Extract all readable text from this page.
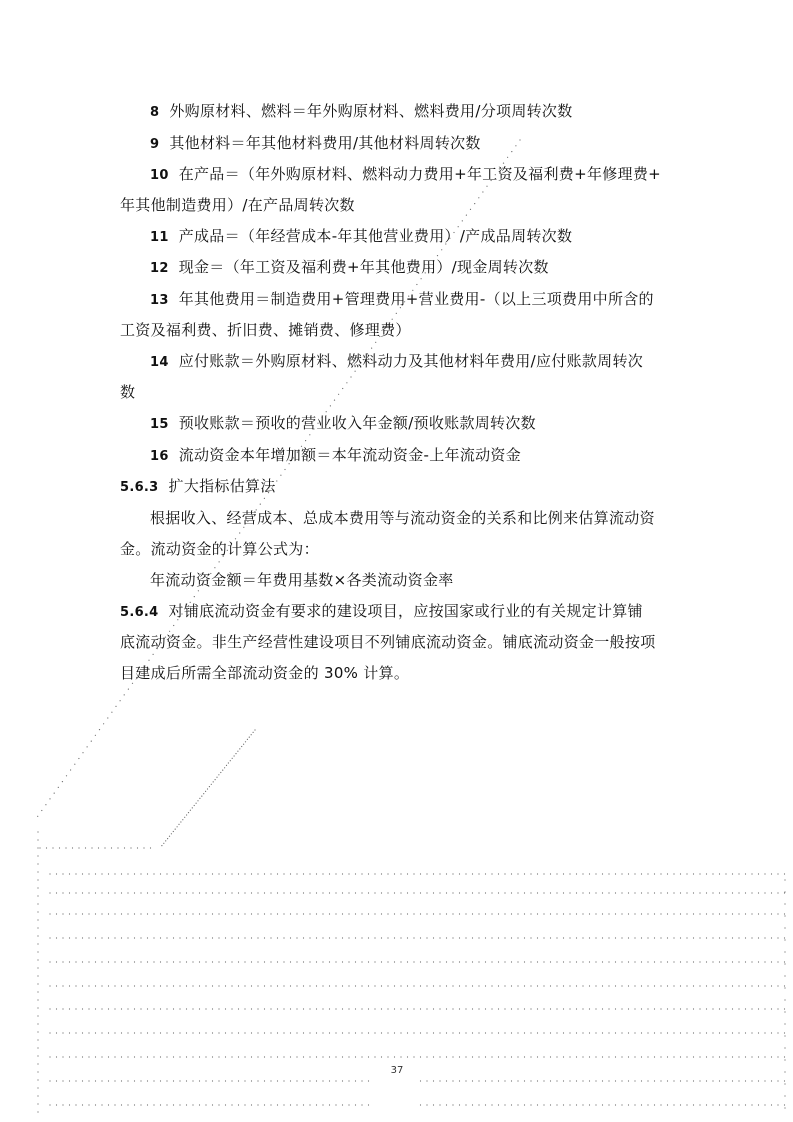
8 外购原材料、燃料＝年外购原材料、燃料费用/分项周转次数
9 其他材料＝年其他材料费用/其他材料周转次数
10 在产品＝（年外购原材料、燃料动力费用+年工资及福利费+年修理费+
年其他制造费用）/在产品周转次数
11 产成品＝（年经营成本-年其他营业费用）/产成品周转次数
12 现金＝（年工资及福利费+年其他费用）/现金周转次数
13 年其他费用＝制造费用+管理费用+营业费用-（以上三项费用中所含的
工资及福利费、折旧费、摊销费、修理费）
14 应付账款＝外购原材料、燃料动力及其他材料年费用/应付账款周转次
数
15 预收账款＝预收的营业收入年金额/预收账款周转次数
16 流动资金本年增加额＝本年流动资金-上年流动资金
5.6.3 扩大指标估算法
根据收入、经营成本、总成本费用等与流动资金的关系和比例来估算流动资
金。流动资金的计算公式为：
年流动资金额＝年费用基数×各类流动资金率
5.6.4 对铺底流动资金有要求的建设项目，应按国家或行业的有关规定计算铺
底流动资金。非生产经营性建设项目不列铺底流动资金。铺底流动资金一般按项
目建成后所需全部流动资金的 30% 计算。
37
